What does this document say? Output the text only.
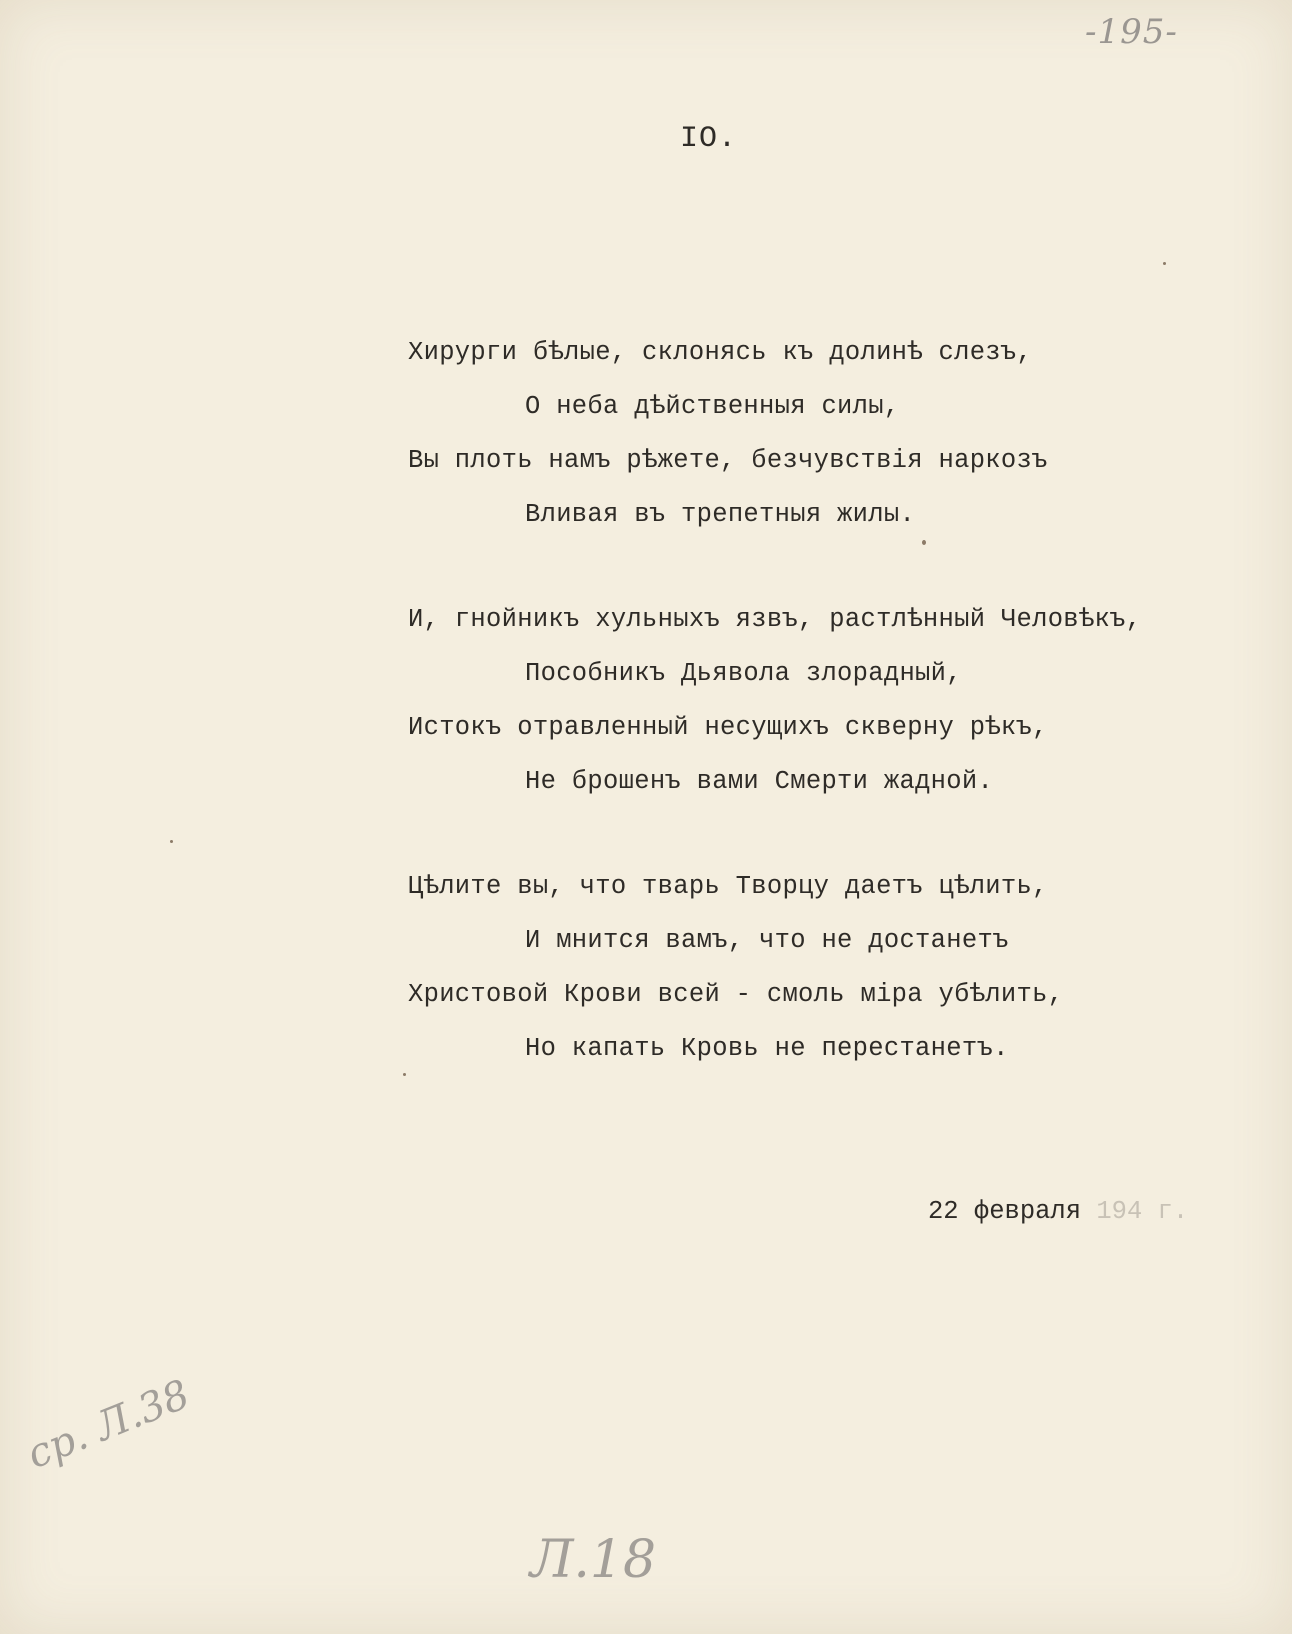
-195-
IO.
Хирурги бѣлые, склонясь къ долинѣ слезъ,
О неба дѣйственныя силы,
Вы плоть намъ рѣжете, безчувствія наркозъ
Вливая въ трепетныя жилы.
И, гнойникъ хульныхъ язвъ, растлѣнный Человѣкъ,
Пособникъ Дьявола злорадный,
Истокъ отравленный несущихъ скверну рѣкъ,
Не брошенъ вами Смерти жадной.
Цѣлите вы, что тварь Творцу даетъ цѣлить,
И мнится вамъ, что не достанетъ
Христовой Крови всей - смоль міра убѣлить,
Но капать Кровь не перестанетъ.
22 февраля 194 г.
ср. Л.38
Л.18
